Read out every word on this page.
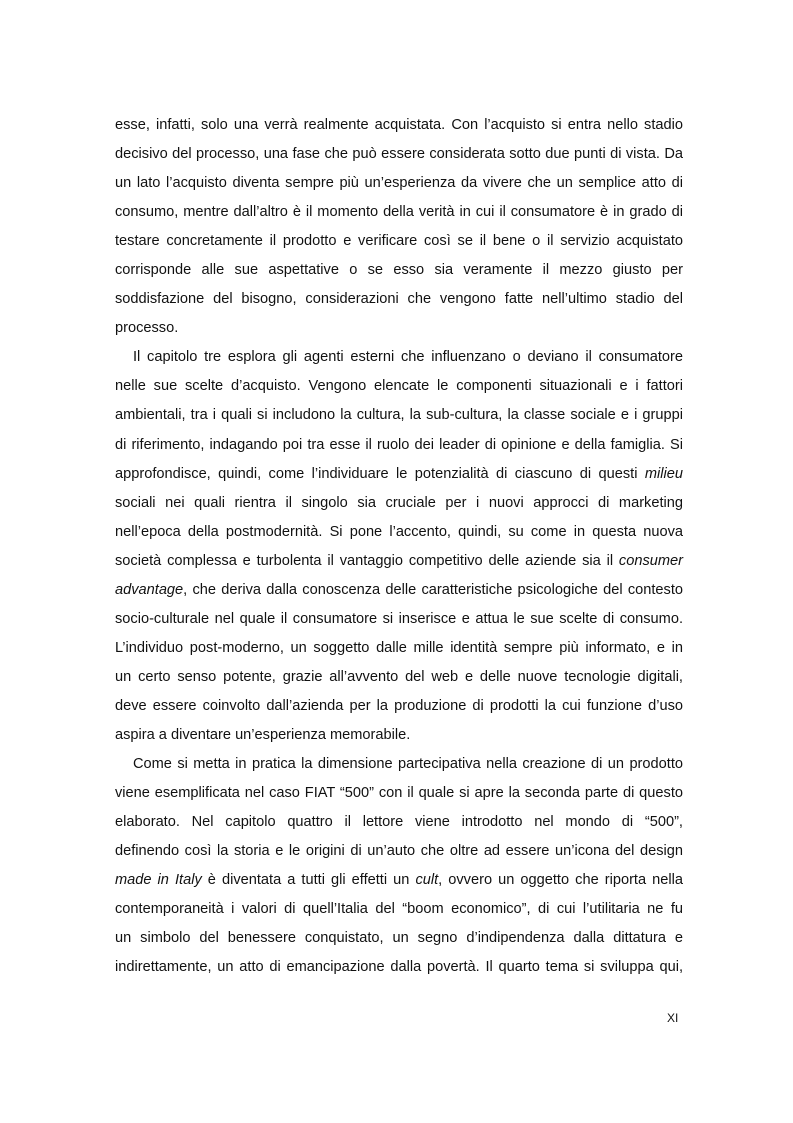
esse, infatti, solo una verrà realmente acquistata. Con l’acquisto si entra nello stadio
decisivo del processo, una fase che può essere considerata sotto due punti di vista. Da
un lato l’acquisto diventa sempre più un’esperienza da vivere che un semplice atto di
consumo, mentre dall’altro è il momento della verità in cui il consumatore è in grado di
testare concretamente il prodotto e verificare così se il bene o il servizio acquistato
corrisponde alle sue aspettative o se esso sia veramente il mezzo giusto per
soddisfazione del bisogno, considerazioni che vengono fatte nell’ultimo stadio del
processo.
Il capitolo tre esplora gli agenti esterni che influenzano o deviano il consumatore
nelle sue scelte d’acquisto. Vengono elencate le componenti situazionali e i fattori
ambientali, tra i quali si includono la cultura, la sub-cultura, la classe sociale e i gruppi
di riferimento, indagando poi tra esse il ruolo dei leader di opinione e della famiglia. Si
approfondisce, quindi, come l’individuare le potenzialità di ciascuno di questi milieu
sociali nei quali rientra il singolo sia cruciale per i nuovi approcci di marketing
nell’epoca della postmodernità. Si pone l’accento, quindi, su come in questa nuova
società complessa e turbolenta il vantaggio competitivo delle aziende sia il consumer
advantage, che deriva dalla conoscenza delle caratteristiche psicologiche del contesto
socio-culturale nel quale il consumatore si inserisce e attua le sue scelte di consumo.
L’individuo post-moderno, un soggetto dalle mille identità sempre più informato, e in
un certo senso potente, grazie all’avvento del web e delle nuove tecnologie digitali,
deve essere coinvolto dall’azienda per la produzione di prodotti la cui funzione d’uso
aspira a diventare un’esperienza memorabile.
Come si metta in pratica la dimensione partecipativa nella creazione di un prodotto
viene esemplificata nel caso FIAT “500” con il quale si apre la seconda parte di questo
elaborato. Nel capitolo quattro il lettore viene introdotto nel mondo di “500”,
definendo così la storia e le origini di un’auto che oltre ad essere un’icona del design
made in Italy è diventata a tutti gli effetti un cult, ovvero un oggetto che riporta nella
contemporaneità i valori di quell’Italia del “boom economico”, di cui l’utilitaria ne fu
un simbolo del benessere conquistato, un segno d’indipendenza dalla dittatura e
indirettamente, un atto di emancipazione dalla povertà. Il quarto tema si sviluppa qui,
XI
